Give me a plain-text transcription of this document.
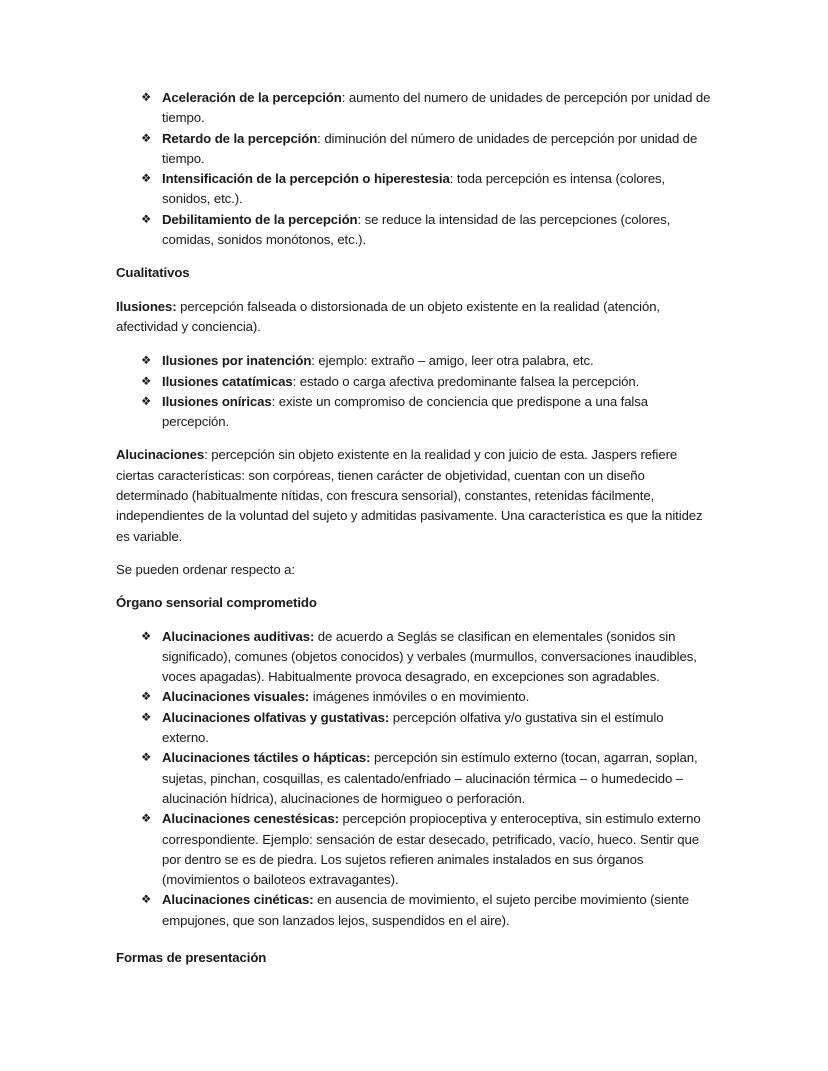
❖ Aceleración de la percepción: aumento del numero de unidades de percepción por unidad de tiempo.
❖ Retardo de la percepción: diminución del número de unidades de percepción por unidad de tiempo.
❖ Intensificación de la percepción o hiperestesia: toda percepción es intensa (colores, sonidos, etc.).
❖ Debilitamiento de la percepción: se reduce la intensidad de las percepciones (colores, comidas, sonidos monótonos, etc.).

Cualitativos

Ilusiones: percepción falseada o distorsionada de un objeto existente en la realidad (atención, afectividad y conciencia).

❖ Ilusiones por inatención: ejemplo: extraño – amigo, leer otra palabra, etc.
❖ Ilusiones catatímicas: estado o carga afectiva predominante falsea la percepción.
❖ Ilusiones oníricas: existe un compromiso de conciencia que predispone a una falsa percepción.

Alucinaciones: percepción sin objeto existente en la realidad y con juicio de esta. Jaspers refiere ciertas características: son corpóreas, tienen carácter de objetividad, cuentan con un diseño determinado (habitualmente nítidas, con frescura sensorial), constantes, retenidas fácilmente, independientes de la voluntad del sujeto y admitidas pasivamente. Una característica es que la nitidez es variable.

Se pueden ordenar respecto a:

Órgano sensorial comprometido

❖ Alucinaciones auditivas: de acuerdo a Seglás se clasifican en elementales (sonidos sin significado), comunes (objetos conocidos) y verbales (murmullos, conversaciones inaudibles, voces apagadas). Habitualmente provoca desagrado, en excepciones son agradables.
❖ Alucinaciones visuales: imágenes inmóviles o en movimiento.
❖ Alucinaciones olfativas y gustativas: percepción olfativa y/o gustativa sin el estímulo externo.
❖ Alucinaciones táctiles o hápticas: percepción sin estímulo externo (tocan, agarran, soplan, sujetas, pinchan, cosquillas, es calentado/enfriado – alucinación térmica – o humedecido – alucinación hídrica), alucinaciones de hormigueo o perforación.
❖ Alucinaciones cenestésicas: percepción propioceptiva y enteroceptiva, sin estimulo externo correspondiente. Ejemplo: sensación de estar desecado, petrificado, vacío, hueco. Sentir que por dentro se es de piedra. Los sujetos refieren animales instalados en sus órganos (movimientos o bailoteos extravagantes).
❖ Alucinaciones cinéticas: en ausencia de movimiento, el sujeto percibe movimiento (siente empujones, que son lanzados lejos, suspendidos en el aire).

Formas de presentación
